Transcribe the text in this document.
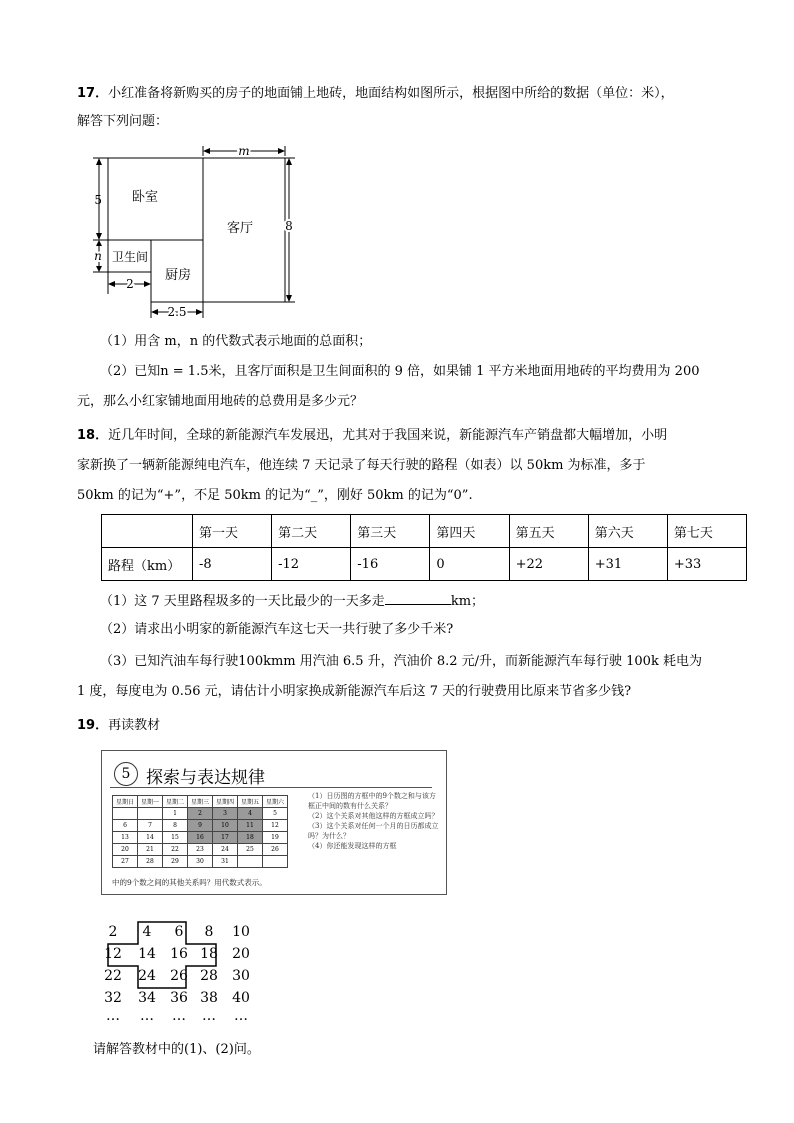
17．小红准备将新购买的房子的地面铺上地砖，地面结构如图所示，根据图中所给的数据（单位：米），
解答下列问题：
m
5
n
8
2
2.5
卧室
客厅
卫生间
厨房
（1）用含 m，n 的代数式表示地面的总面积；
（2）已知n = 1.5米，且客厅面积是卫生间面积的 9 倍，如果铺 1 平方米地面用地砖的平均费用为 200
元，那么小红家铺地面用地砖的总费用是多少元？
18．近几年时间，全球的新能源汽车发展迅，尤其对于我国来说，新能源汽车产销盘都大幅增加，小明
家新换了一辆新能源纯电汽车，他连续 7 天记录了每天行驶的路程（如表）以 50km 为标准，多于
50km 的记为“+”，不足 50km 的记为“_”，刚好 50km 的记为“0”.
	第一天	第二天	第三天	第四天	第五天	第六天	第七天
路程（km）	-8	-12	-16	0	+22	+31	+33
（1）这 7 天里路程圾多的一天比最少的一天多走	km；
（2）请求出小明家的新能源汽车这七天一共行驶了多少千米?
（3）已知汽油车每行驶100kmm 用汽油 6.5 升，汽油价 8.2 元/升，而新能源汽车每行驶 100k 耗电为
1 度，每度电为 0.56 元，请估计小明家换成新能源汽车后这 7 天的行驶费用比原来节省多少钱?
19．再读教材
5 探索与表达规律
星期日	星期一	星期二	星期三	星期四	星期五	星期六
		1	2	3	4	5
6	7	8	9	10	11	12
13	14	15	16	17	18	19
20	21	22	23	24	25	26
27	28	29	30	31		
（1）日历图的方框中的9个数之和与该方框正中间的数有什么关系？
（2）这个关系对其他这样的方框成立吗？
（3）这个关系对任何一个月的日历都成立吗？为什么？
（4）你还能发现这样的方框
中的9个数之间的其他关系吗？用代数式表示。
2	4	6	8	10
12	14	16 18	20
22	24	26 28	30
32	34	36 38	40
…	…	…	…	…
请解答教材中的(1)、(2)问。
